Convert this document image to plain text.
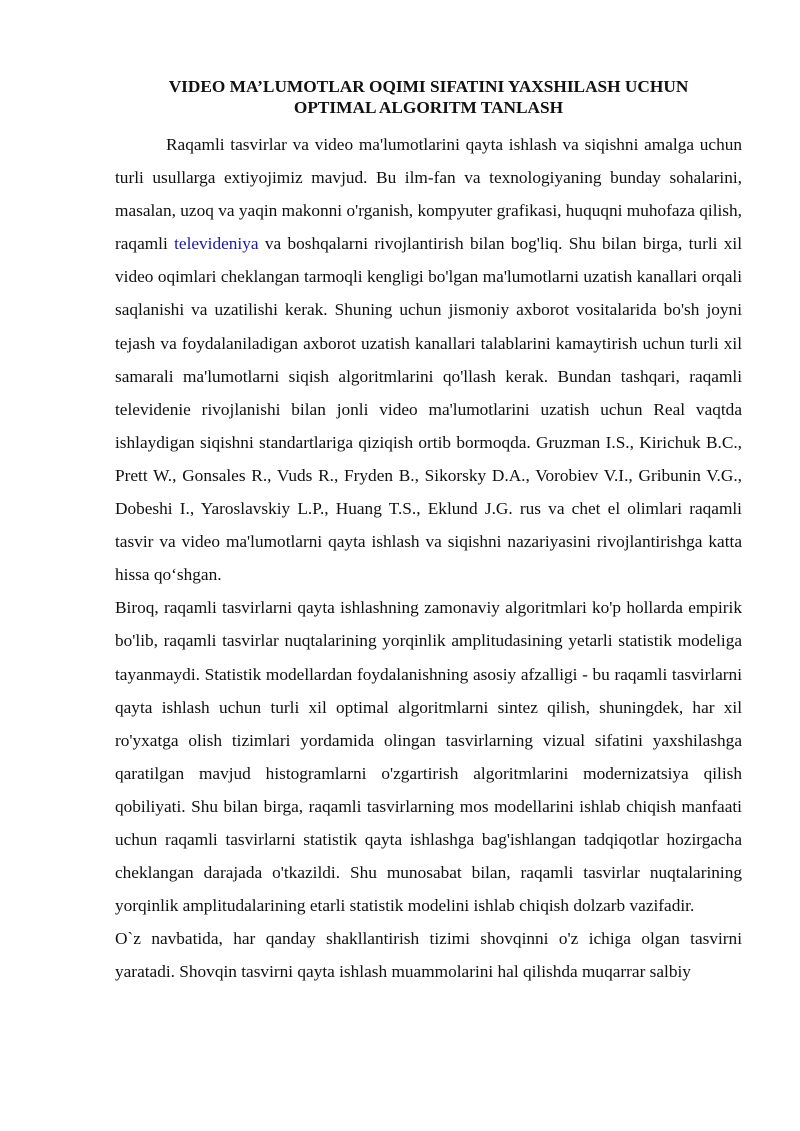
VIDEO MA’LUMOTLAR OQIMI SIFATINI YAXSHILASH UCHUN
OPTIMAL ALGORITM TANLASH

Raqamli tasvirlar va video ma'lumotlarini qayta ishlash va siqishni amalga uchun turli usullarga extiyojimiz mavjud. Bu ilm-fan va texnologiyaning bunday sohalarini, masalan, uzoq va yaqin makonni o'rganish, kompyuter grafikasi, huquqni muhofaza qilish, raqamli televideniya va boshqalarni rivojlantirish bilan bog'liq. Shu bilan birga, turli xil video oqimlari cheklangan tarmoqli kengligi bo'lgan ma'lumotlarni uzatish kanallari orqali saqlanishi va uzatilishi kerak. Shuning uchun jismoniy axborot vositalarida bo'sh joyni tejash va foydalaniladigan axborot uzatish kanallari talablarini kamaytirish uchun turli xil samarali ma'lumotlarni siqish algoritmlarini qo'llash kerak. Bundan tashqari, raqamli televidenie rivojlanishi bilan jonli video ma'lumotlarini uzatish uchun Real vaqtda ishlaydigan siqishni standartlariga qiziqish ortib bormoqda. Gruzman I.S., Kirichuk B.C., Prett W., Gonsales R., Vuds R., Fryden B., Sikorsky D.A., Vorobiev V.I., Gribunin V.G., Dobeshi I., Yaroslavskiy L.P., Huang T.S., Eklund J.G. rus va chet el olimlari raqamli tasvir va video ma'lumotlarni qayta ishlash va siqishni nazariyasini rivojlantirishga katta hissa qo‘shgan.

Biroq, raqamli tasvirlarni qayta ishlashning zamonaviy algoritmlari ko'p hollarda empirik bo'lib, raqamli tasvirlar nuqtalarining yorqinlik amplitudasining yetarli statistik modeliga tayanmaydi. Statistik modellardan foydalanishning asosiy afzalligi - bu raqamli tasvirlarni qayta ishlash uchun turli xil optimal algoritmlarni sintez qilish, shuningdek, har xil ro'yxatga olish tizimlari yordamida olingan tasvirlarning vizual sifatini yaxshilashga qaratilgan mavjud histogramlarni o'zgartirish algoritmlarini modernizatsiya qilish qobiliyati. Shu bilan birga, raqamli tasvirlarning mos modellarini ishlab chiqish manfaati uchun raqamli tasvirlarni statistik qayta ishlashga bag'ishlangan tadqiqotlar hozirgacha cheklangan darajada o'tkazildi. Shu munosabat bilan, raqamli tasvirlar nuqtalarining yorqinlik amplitudalarining etarli statistik modelini ishlab chiqish dolzarb vazifadir.

O`z navbatida, har qanday shakllantirish tizimi shovqinni o'z ichiga olgan tasvirni yaratadi. Shovqin tasvirni qayta ishlash muammolarini hal qilishda muqarrar salbiy
